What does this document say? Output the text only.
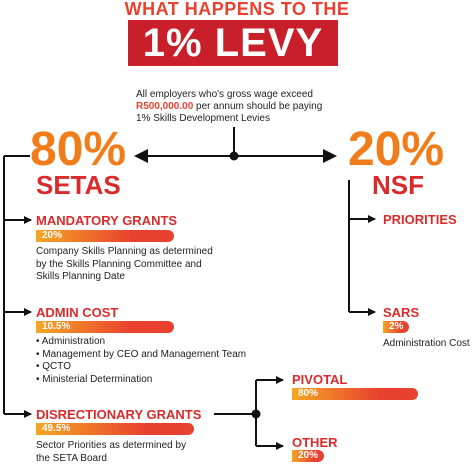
WHAT HAPPENS TO THE
1% LEVY
All employers who's gross wage exceed
R500,000.00 per annum should be paying
1% Skills Development Levies
80%
SETAS
MANDATORY GRANTS
20%
Company Skills Planning as determined
by the Skills Planning Committee and
Skills Planning Date
ADMIN COST
10.5%
• Administration
• Management by CEO and Management Team
• QCTO
• Ministerial Determination
DISRECTIONARY GRANTS
49.5%
Sector Priorities as determined by
the SETA Board
PIVOTAL
80%
OTHER
20%
20%
NSF
PRIORITIES
SARS
2%
Administration Cost
